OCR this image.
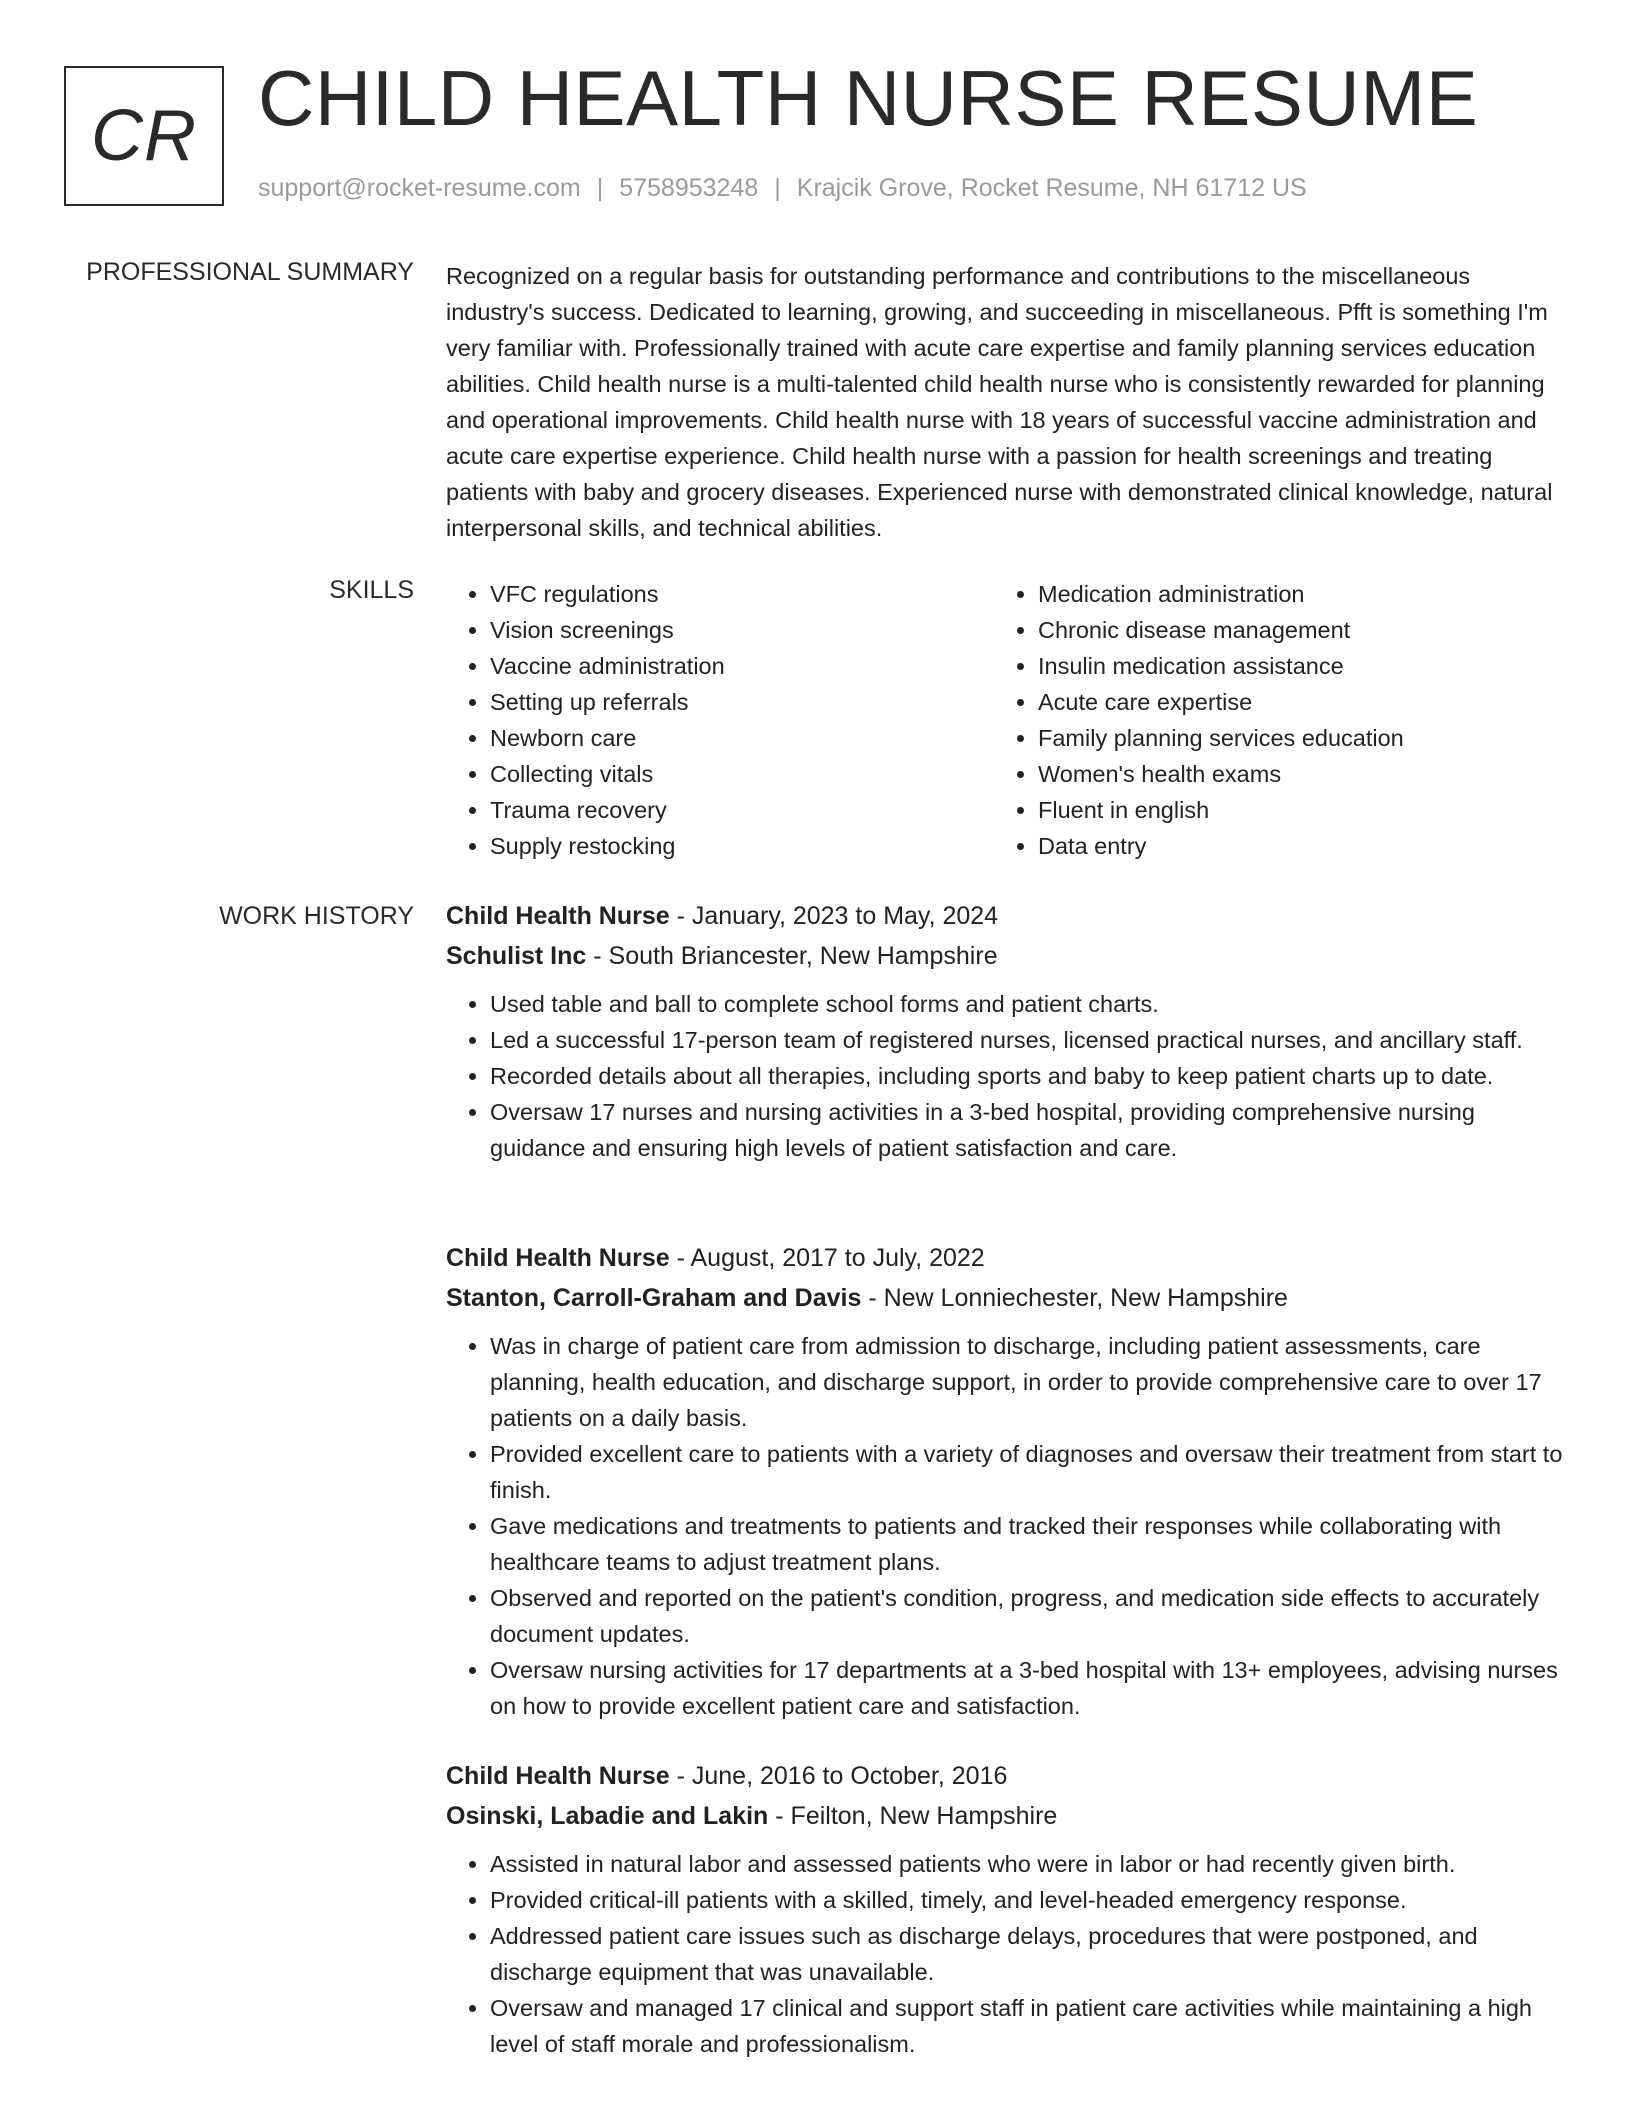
CR CHILD HEALTH NURSE RESUME
support@rocket-resume.com | 5758953248 | Krajcik Grove, Rocket Resume, NH 61712 US
PROFESSIONAL SUMMARY Recognized on a regular basis for outstanding performance and contributions to the miscellaneous industry's success. Dedicated to learning, growing, and succeeding in miscellaneous. Pfft is something I'm very familiar with. Professionally trained with acute care expertise and family planning services education abilities. Child health nurse is a multi-talented child health nurse who is consistently rewarded for planning and operational improvements. Child health nurse with 18 years of successful vaccine administration and acute care expertise experience. Child health nurse with a passion for health screenings and treating patients with baby and grocery diseases. Experienced nurse with demonstrated clinical knowledge, natural interpersonal skills, and technical abilities.
SKILLS
•	VFC regulations
• Vision screenings
• Vaccine administration
• Setting up referrals
• Newborn care
• Collecting vitals
• Trauma recovery
• Supply restocking
• Medication administration
• Chronic disease management
• Insulin medication assistance
• Acute care expertise
• Family planning services education
• Women's health exams
• Fluent in english
• Data entry
WORK HISTORY Child Health Nurse - January, 2023 to May, 2024
Schulist Inc - South Briancester, New Hampshire
• Used table and ball to complete school forms and patient charts.
• Led a successful 17-person team of registered nurses, licensed practical nurses, and ancillary staff.
• Recorded details about all therapies, including sports and baby to keep patient charts up to date.
• Oversaw 17 nurses and nursing activities in a 3-bed hospital, providing comprehensive nursing guidance and ensuring high levels of patient satisfaction and care.
Child Health Nurse - August, 2017 to July, 2022
Stanton, Carroll-Graham and Davis - New Lonniechester, New Hampshire
• Was in charge of patient care from admission to discharge, including patient assessments, care planning, health education, and discharge support, in order to provide comprehensive care to over 17 patients on a daily basis.
• Provided excellent care to patients with a variety of diagnoses and oversaw their treatment from start to finish.
• Gave medications and treatments to patients and tracked their responses while collaborating with healthcare teams to adjust treatment plans.
• Observed and reported on the patient's condition, progress, and medication side effects to accurately document updates.
• Oversaw nursing activities for 17 departments at a 3-bed hospital with 13+ employees, advising nurses on how to provide excellent patient care and satisfaction.
Child Health Nurse - June, 2016 to October, 2016
Osinski, Labadie and Lakin - Feilton, New Hampshire
• Assisted in natural labor and assessed patients who were in labor or had recently given birth.
• Provided critical-ill patients with a skilled, timely, and level-headed emergency response.
• Addressed patient care issues such as discharge delays, procedures that were postponed, and discharge equipment that was unavailable.
• Oversaw and managed 17 clinical and support staff in patient care activities while maintaining a high level of staff morale and professionalism.
